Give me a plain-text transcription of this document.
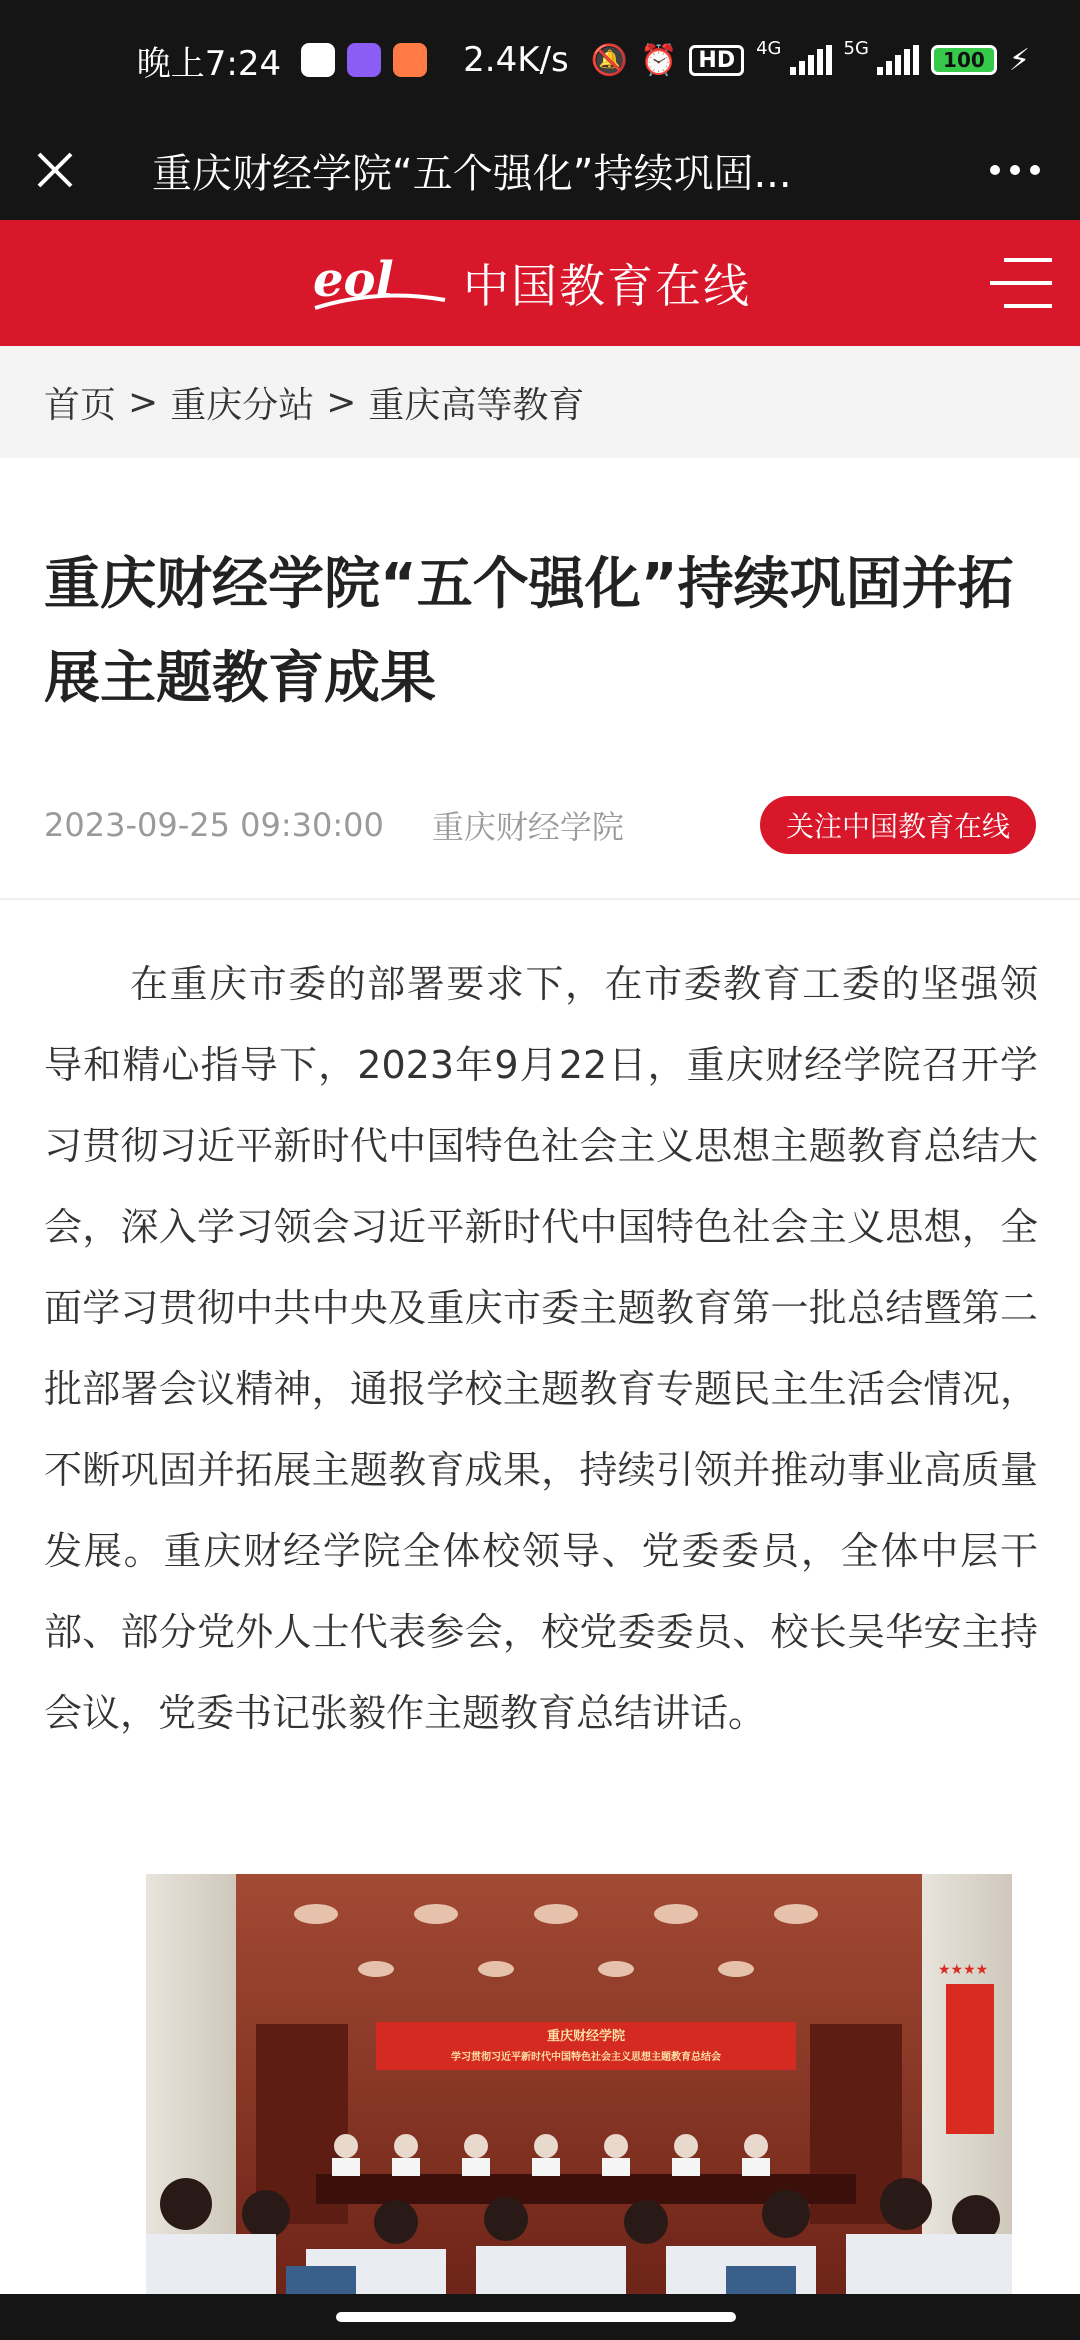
晚上7:24	2.4K/s 🔕 ⏰ HD	4G	5G	100 ⚡
重庆财经学院“五个强化”持续巩固...
eol 中国教育在线
首页 > 重庆分站 > 重庆高等教育
重庆财经学院“五个强化”持续巩固并拓展主题教育成果
2023-09-25 09:30:00 重庆财经学院	关注中国教育在线

在重庆市委的部署要求下，在市委教育工委的坚强领导和精心指导下，2023年9月22日，重庆财经学院召开学习贯彻习近平新时代中国特色社会主义思想主题教育总结大会，深入学习领会习近平新时代中国特色社会主义思想，全面学习贯彻中共中央及重庆市委主题教育第一批总结暨第二批部署会议精神，通报学校主题教育专题民主生活会情况，不断巩固并拓展主题教育成果，持续引领并推动事业高质量发展。重庆财经学院全体校领导、党委委员，全体中层干部、部分党外人士代表参会，校党委委员、校长吴华安主持会议，党委书记张毅作主题教育总结讲话。

重庆财经学院
学习贯彻习近平新时代中国特色社会主义思想主题教育总结会
★★★★
